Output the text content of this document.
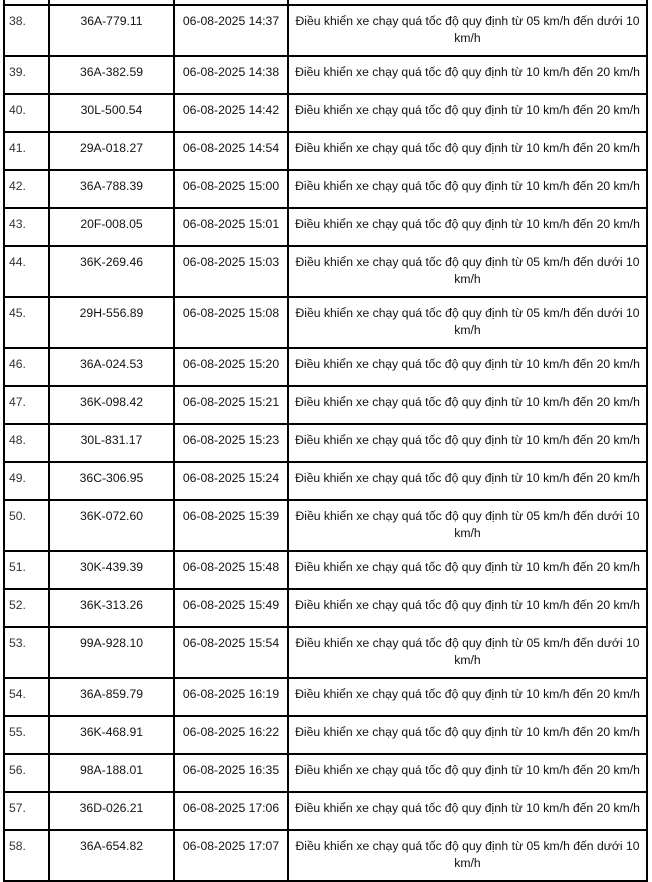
38.	36A-779.11	06-08-2025 14:37	Điều khiển xe chạy quá tốc độ quy định từ 05 km/h đến dưới 10 km/h
39.	36A-382.59	06-08-2025 14:38	Điều khiển xe chạy quá tốc độ quy định từ 10 km/h đến 20 km/h
40.	30L-500.54	06-08-2025 14:42	Điều khiển xe chạy quá tốc độ quy định từ 10 km/h đến 20 km/h
41.	29A-018.27	06-08-2025 14:54	Điều khiển xe chạy quá tốc độ quy định từ 10 km/h đến 20 km/h
42.	36A-788.39	06-08-2025 15:00	Điều khiển xe chạy quá tốc độ quy định từ 10 km/h đến 20 km/h
43.	20F-008.05	06-08-2025 15:01	Điều khiển xe chạy quá tốc độ quy định từ 10 km/h đến 20 km/h
44.	36K-269.46	06-08-2025 15:03	Điều khiển xe chạy quá tốc độ quy định từ 05 km/h đến dưới 10 km/h
45.	29H-556.89	06-08-2025 15:08	Điều khiển xe chạy quá tốc độ quy định từ 05 km/h đến dưới 10 km/h
46.	36A-024.53	06-08-2025 15:20	Điều khiển xe chạy quá tốc độ quy định từ 10 km/h đến 20 km/h
47.	36K-098.42	06-08-2025 15:21	Điều khiển xe chạy quá tốc độ quy định từ 10 km/h đến 20 km/h
48.	30L-831.17	06-08-2025 15:23	Điều khiển xe chạy quá tốc độ quy định từ 10 km/h đến 20 km/h
49.	36C-306.95	06-08-2025 15:24	Điều khiển xe chạy quá tốc độ quy định từ 10 km/h đến 20 km/h
50.	36K-072.60	06-08-2025 15:39	Điều khiển xe chạy quá tốc độ quy định từ 05 km/h đến dưới 10 km/h
51.	30K-439.39	06-08-2025 15:48	Điều khiển xe chạy quá tốc độ quy định từ 10 km/h đến 20 km/h
52.	36K-313.26	06-08-2025 15:49	Điều khiển xe chạy quá tốc độ quy định từ 10 km/h đến 20 km/h
53.	99A-928.10	06-08-2025 15:54	Điều khiển xe chạy quá tốc độ quy định từ 05 km/h đến dưới 10 km/h
54.	36A-859.79	06-08-2025 16:19	Điều khiển xe chạy quá tốc độ quy định từ 10 km/h đến 20 km/h
55.	36K-468.91	06-08-2025 16:22	Điều khiển xe chạy quá tốc độ quy định từ 10 km/h đến 20 km/h
56.	98A-188.01	06-08-2025 16:35	Điều khiển xe chạy quá tốc độ quy định từ 10 km/h đến 20 km/h
57.	36D-026.21	06-08-2025 17:06	Điều khiển xe chạy quá tốc độ quy định từ 10 km/h đến 20 km/h
58.	36A-654.82	06-08-2025 17:07	Điều khiển xe chạy quá tốc độ quy định từ 05 km/h đến dưới 10 km/h
